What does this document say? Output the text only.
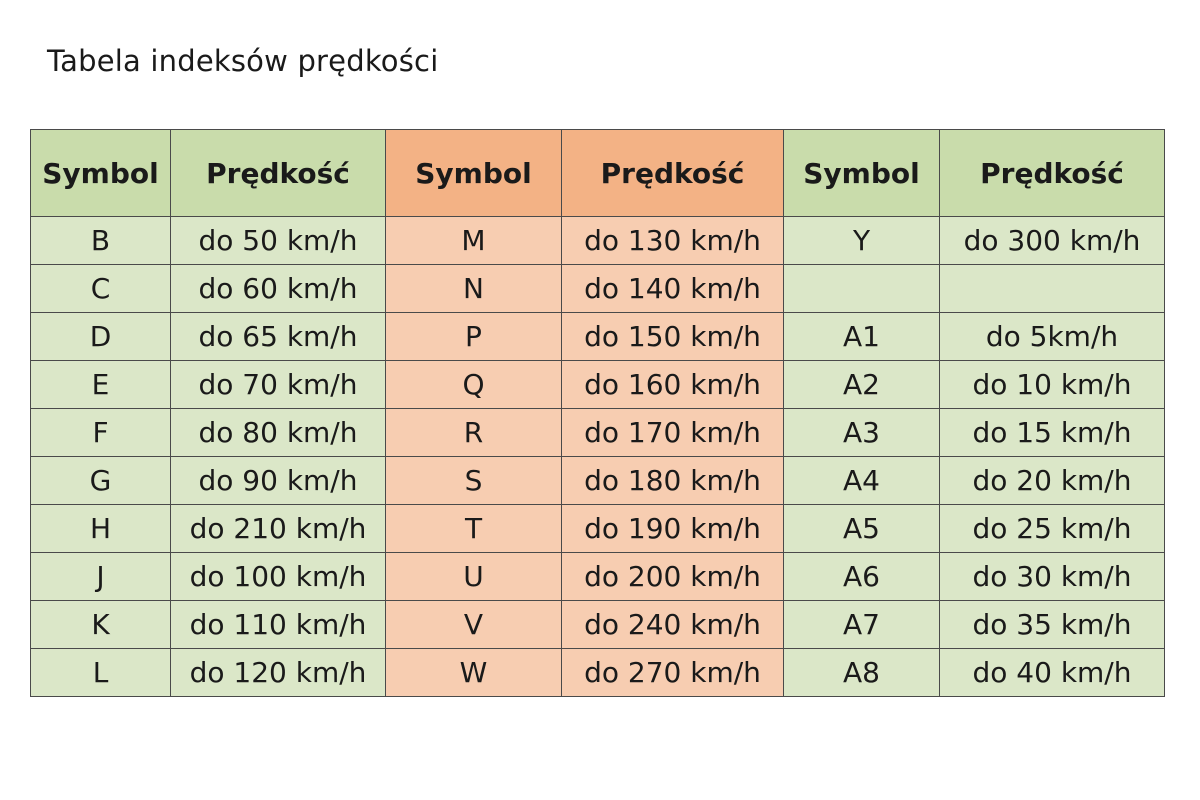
Tabela indeksów prędkości
Symbol	Prędkość	Symbol	Prędkość	Symbol	Prędkość
B	do 50 km/h	M	do 130 km/h	Y	do 300 km/h
C	do 60 km/h	N	do 140 km/h		
D	do 65 km/h	P	do 150 km/h	A1	do 5km/h
E	do 70 km/h	Q	do 160 km/h	A2	do 10 km/h
F	do 80 km/h	R	do 170 km/h	A3	do 15 km/h
G	do 90 km/h	S	do 180 km/h	A4	do 20 km/h
H	do 210 km/h	T	do 190 km/h	A5	do 25 km/h
J	do 100 km/h	U	do 200 km/h	A6	do 30 km/h
K	do 110 km/h	V	do 240 km/h	A7	do 35 km/h
L	do 120 km/h	W	do 270 km/h	A8	do 40 km/h
